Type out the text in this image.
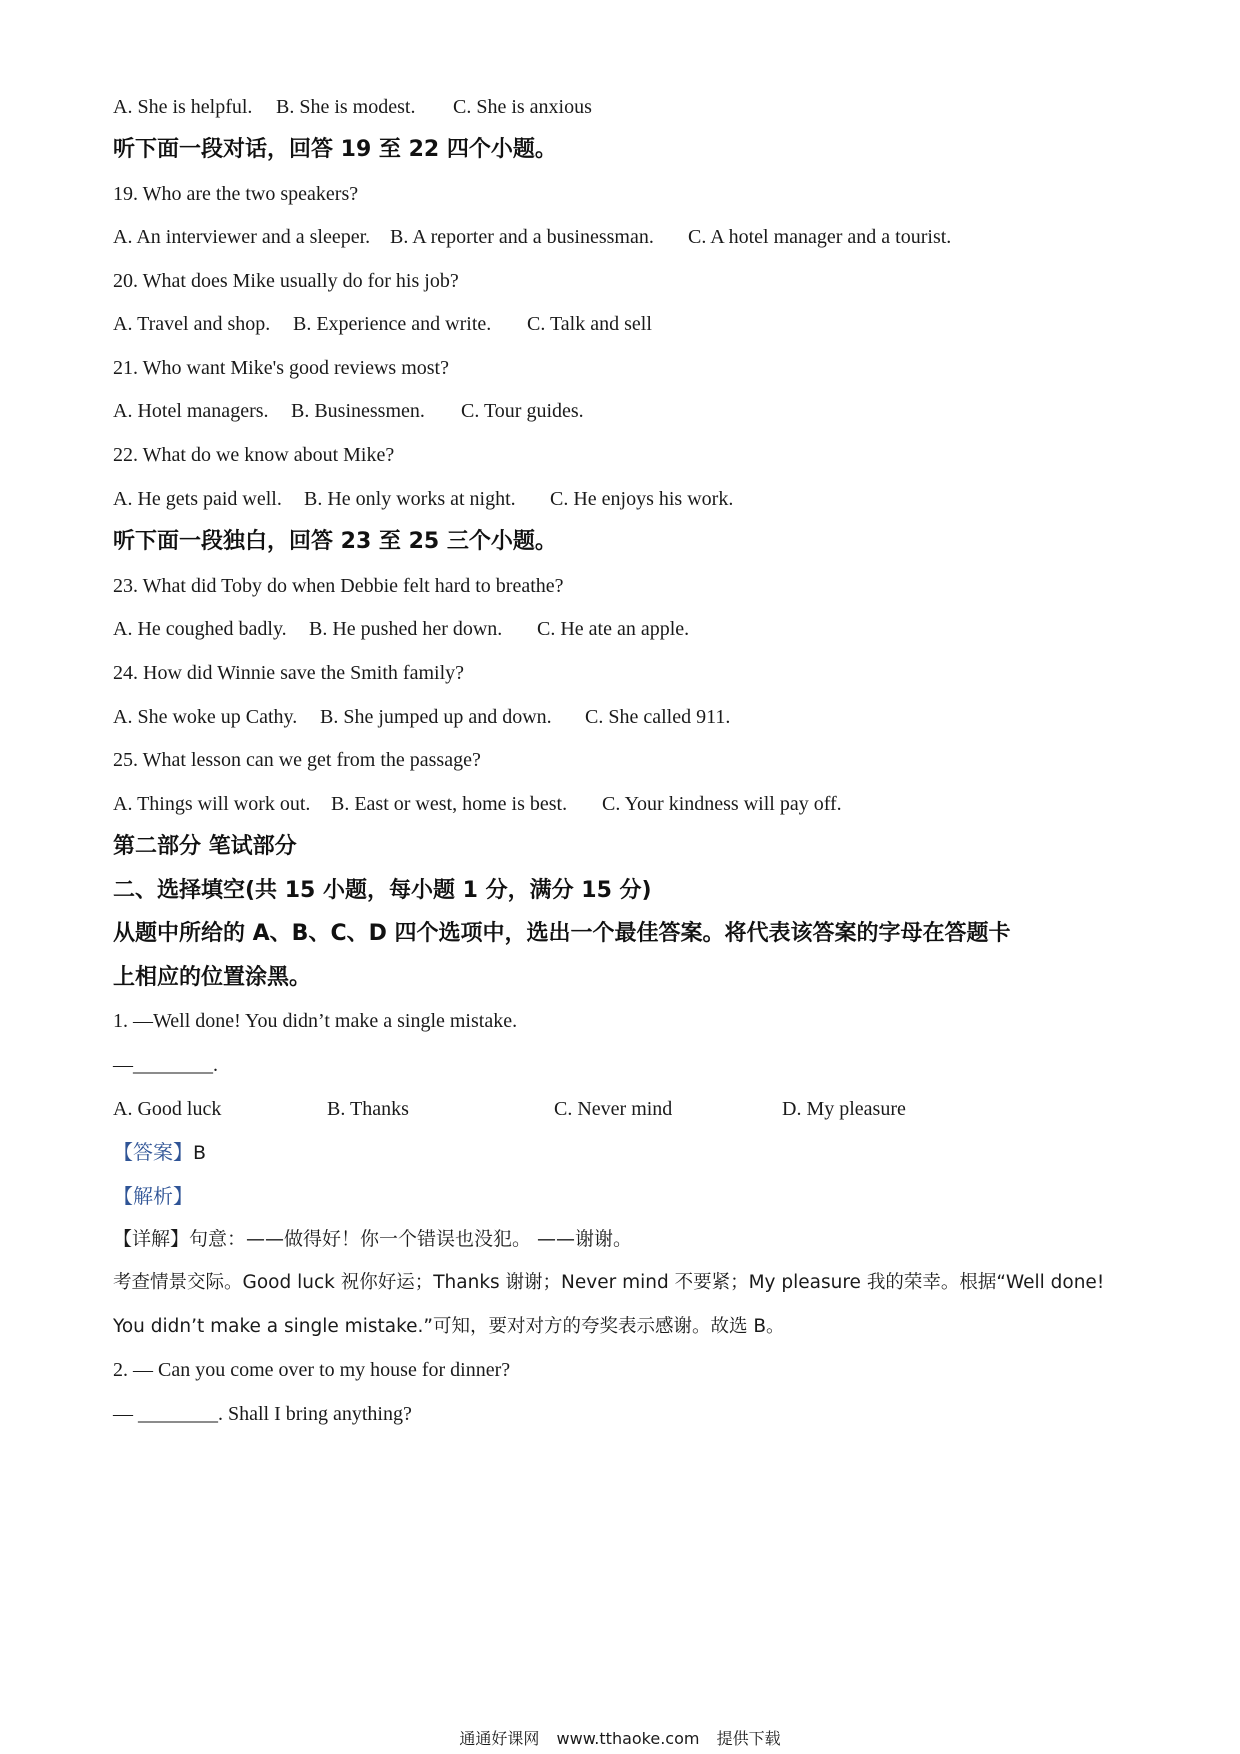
A. She is helpful. B. She is modest. C. She is anxious
听下面一段对话，回答 19 至 22 四个小题。
19. Who are the two speakers?
A. An interviewer and a sleeper. B. A reporter and a businessman. C. A hotel manager and a tourist.
20. What does Mike usually do for his job?
A. Travel and shop. B. Experience and write. C. Talk and sell
21. Who want Mike's good reviews most?
A. Hotel managers. B. Businessmen. C. Tour guides.
22. What do we know about Mike?
A. He gets paid well. B. He only works at night. C. He enjoys his work.
听下面一段独白，回答 23 至 25 三个小题。
23. What did Toby do when Debbie felt hard to breathe?
A. He coughed badly. B. He pushed her down. C. He ate an apple.
24. How did Winnie save the Smith family?
A. She woke up Cathy. B. She jumped up and down. C. She called 911.
25. What lesson can we get from the passage?
A. Things will work out. B. East or west, home is best. C. Your kindness will pay off.
第二部分 笔试部分
二、选择填空(共 15 小题，每小题 1 分，满分 15 分)
从题中所给的 A、B、C、D 四个选项中，选出一个最佳答案。将代表该答案的字母在答题卡
上相应的位置涂黑。
1. —Well done! You didn’t make a single mistake.
—________.
A. Good luck	B. Thanks	C. Never mind	D. My pleasure
【答案】B
【解析】
【详解】句意：——做得好！你一个错误也没犯。 ——谢谢。
考查情景交际。Good luck 祝你好运；Thanks 谢谢；Never mind 不要紧；My pleasure 我的荣幸。根据“Well done!
You didn’t make a single mistake.”可知，要对对方的夸奖表示感谢。故选 B。
2. — Can you come over to my house for dinner?
— ________. Shall I bring anything?
通通好课网 www.tthaoke.com 提供下载
